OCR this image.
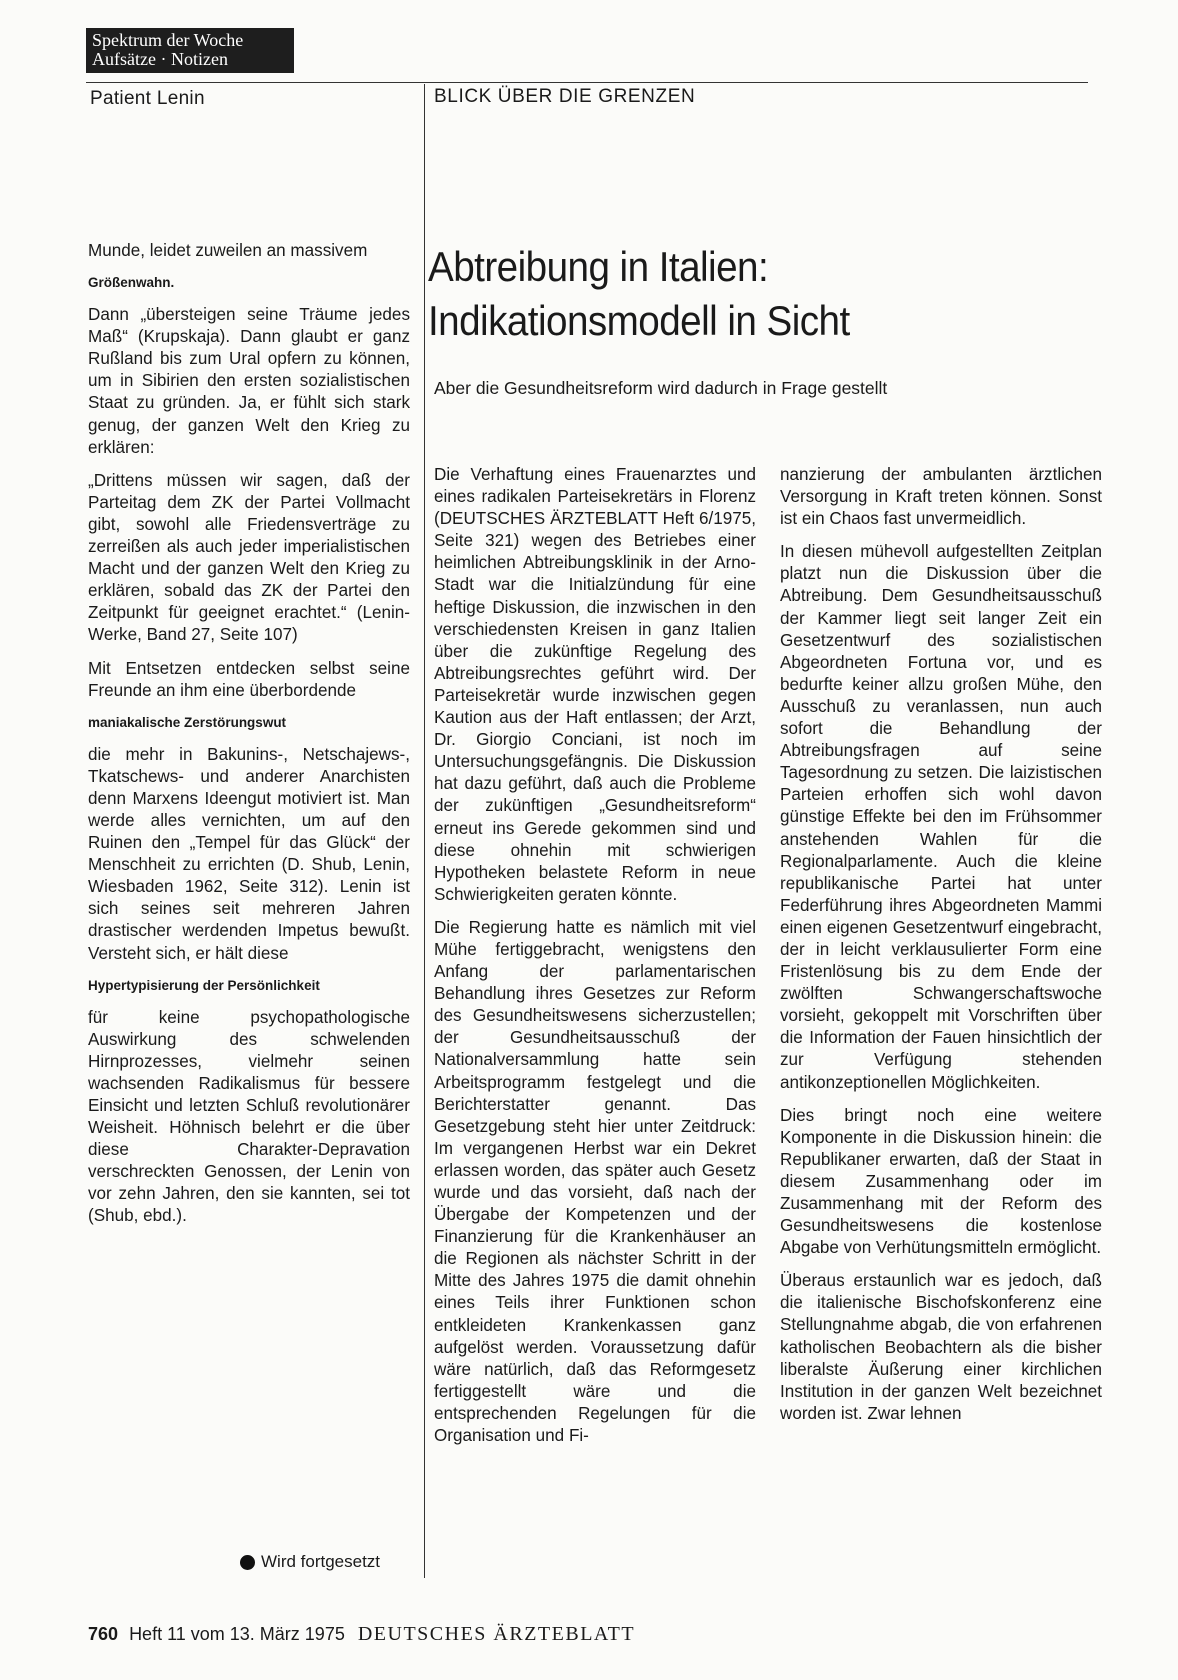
Spektrum der Woche
Aufsätze · Notizen
Patient Lenin	BLICK ÜBER DIE GRENZEN

Munde, leidet zuweilen an massivem

Größenwahn.

Dann „übersteigen seine Träume jedes Maß“ (Krupskaja). Dann glaubt er ganz Rußland bis zum Ural opfern zu können, um in Sibirien den ersten sozialistischen Staat zu gründen. Ja, er fühlt sich stark genug, der ganzen Welt den Krieg zu erklären:

„Drittens müssen wir sagen, daß der Parteitag dem ZK der Partei Vollmacht gibt, sowohl alle Friedensverträge zu zerreißen als auch jeder imperialistischen Macht und der ganzen Welt den Krieg zu erklären, sobald das ZK der Partei den Zeitpunkt für geeignet erachtet.“ (Lenin-Werke, Band 27, Seite 107)

Mit Entsetzen entdecken selbst seine Freunde an ihm eine überbordende

maniakalische Zerstörungswut

die mehr in Bakunins-, Netschajews-, Tkatschews- und anderer Anarchisten denn Marxens Ideengut motiviert ist. Man werde alles vernichten, um auf den Ruinen den „Tempel für das Glück“ der Menschheit zu errichten (D. Shub, Lenin, Wiesbaden 1962, Seite 312). Lenin ist sich seines seit mehreren Jahren drastischer werdenden Impetus bewußt. Versteht sich, er hält diese

Hypertypisierung der Persönlichkeit

für keine psychopathologische Auswirkung des schwelenden Hirnprozesses, vielmehr seinen wachsenden Radikalismus für bessere Einsicht und letzten Schluß revolutionärer Weisheit. Höhnisch belehrt er die über diese Charakter-Depravation verschreckten Genossen, der Lenin von vor zehn Jahren, den sie kannten, sei tot (Shub, ebd.).

Wird fortgesetzt
Abtreibung in Italien:
Indikationsmodell in Sicht
Aber die Gesundheitsreform wird dadurch in Frage gestellt

Die Verhaftung eines Frauenarztes und eines radikalen Parteisekretärs in Florenz (DEUTSCHES ÄRZTEBLATT Heft 6/1975, Seite 321) wegen des Betriebes einer heimlichen Abtreibungsklinik in der Arno-Stadt war die Initialzündung für eine heftige Diskussion, die inzwischen in den verschiedensten Kreisen in ganz Italien über die zukünftige Regelung des Abtreibungsrechtes geführt wird. Der Parteisekretär wurde inzwischen gegen Kaution aus der Haft entlassen; der Arzt, Dr. Giorgio Conciani, ist noch im Untersuchungsgefängnis. Die Diskussion hat dazu geführt, daß auch die Probleme der zukünftigen „Gesundheitsreform“ erneut ins Gerede gekommen sind und diese ohnehin mit schwierigen Hypotheken belastete Reform in neue Schwierigkeiten geraten könnte.

Die Regierung hatte es nämlich mit viel Mühe fertiggebracht, wenigstens den Anfang der parlamentarischen Behandlung ihres Gesetzes zur Reform des Gesundheitswesens sicherzustellen; der Gesundheitsausschuß der Nationalversammlung hatte sein Arbeitsprogramm festgelegt und die Berichterstatter genannt. Das Gesetzgebung steht hier unter Zeitdruck: Im vergangenen Herbst war ein Dekret erlassen worden, das später auch Gesetz wurde und das vorsieht, daß nach der Übergabe der Kompetenzen und der Finanzierung für die Krankenhäuser an die Regionen als nächster Schritt in der Mitte des Jahres 1975 die damit ohnehin eines Teils ihrer Funktionen schon entkleideten Krankenkassen ganz aufgelöst werden. Voraussetzung dafür wäre natürlich, daß das Reformgesetz fertiggestellt wäre und die entsprechenden Regelungen für die Organisation und Fi-

nanzierung der ambulanten ärztlichen Versorgung in Kraft treten können. Sonst ist ein Chaos fast unvermeidlich.

In diesen mühevoll aufgestellten Zeitplan platzt nun die Diskussion über die Abtreibung. Dem Gesundheitsausschuß der Kammer liegt seit langer Zeit ein Gesetzentwurf des sozialistischen Abgeordneten Fortuna vor, und es bedurfte keiner allzu großen Mühe, den Ausschuß zu veranlassen, nun auch sofort die Behandlung der Abtreibungsfragen auf seine Tagesordnung zu setzen. Die laizistischen Parteien erhoffen sich wohl davon günstige Effekte bei den im Frühsommer anstehenden Wahlen für die Regionalparlamente. Auch die kleine republikanische Partei hat unter Federführung ihres Abgeordneten Mammi einen eigenen Gesetzentwurf eingebracht, der in leicht verklausulierter Form eine Fristenlösung bis zu dem Ende der zwölften Schwangerschaftswoche vorsieht, gekoppelt mit Vorschriften über die Information der Fauen hinsichtlich der zur Verfügung stehenden antikonzeptionellen Möglichkeiten.

Dies bringt noch eine weitere Komponente in die Diskussion hinein: die Republikaner erwarten, daß der Staat in diesem Zusammenhang oder im Zusammenhang mit der Reform des Gesundheitswesens die kostenlose Abgabe von Verhütungsmitteln ermöglicht.

Überaus erstaunlich war es jedoch, daß die italienische Bischofskonferenz eine Stellungnahme abgab, die von erfahrenen katholischen Beobachtern als die bisher liberalste Äußerung einer kirchlichen Institution in der ganzen Welt bezeichnet worden ist. Zwar lehnen

760 Heft 11 vom 13. März 1975 DEUTSCHES ÄRZTEBLATT
